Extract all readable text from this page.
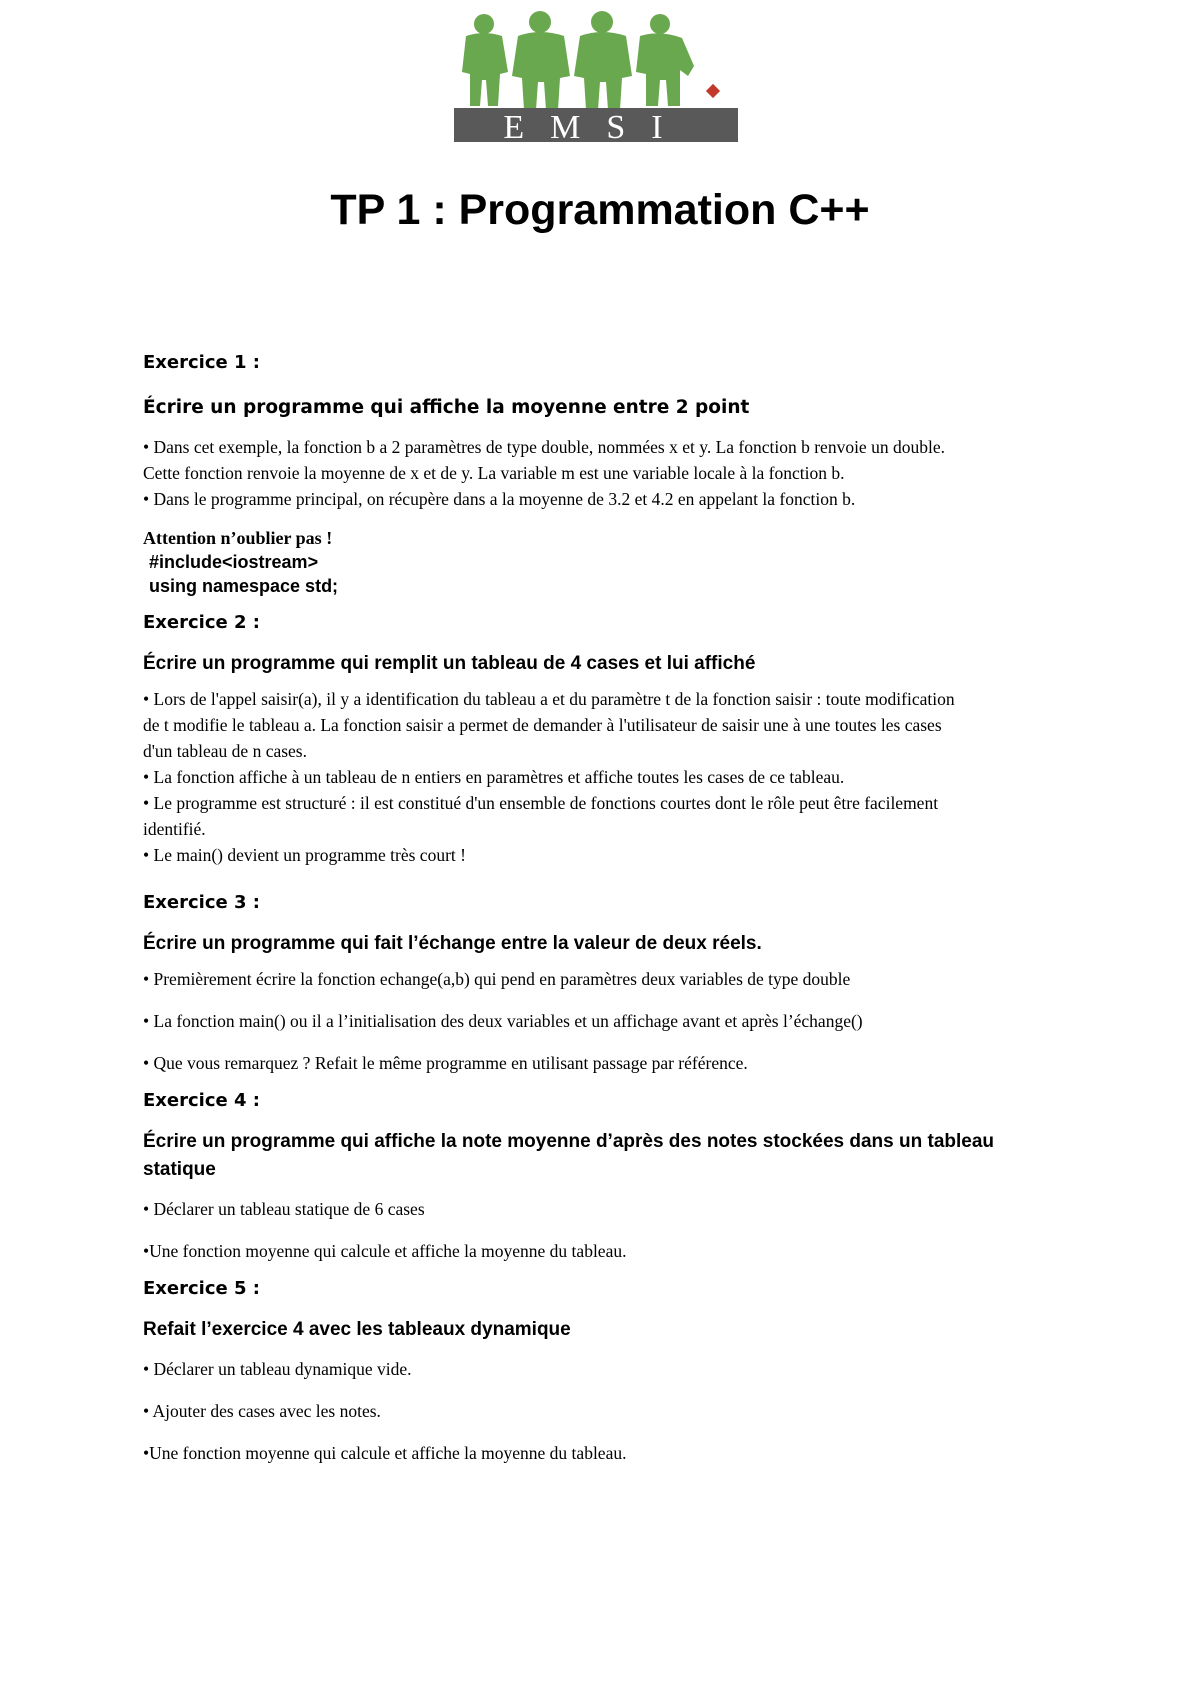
EMSI
TP 1 : Programmation C++

Exercice 1 :

Écrire un programme qui affiche la moyenne entre 2 point

• Dans cet exemple, la fonction b a 2 paramètres de type double, nommées x et y. La fonction b renvoie un double.

Cette fonction renvoie la moyenne de x et de y. La variable m est une variable locale à la fonction b.

• Dans le programme principal, on récupère dans a la moyenne de 3.2 et 4.2 en appelant la fonction b.

Attention n’oublier pas !

#include<iostream>

using namespace std;

Exercice 2 :

Écrire un programme qui remplit un tableau de 4 cases et lui affiché

• Lors de l'appel saisir(a), il y a identification du tableau a et du paramètre t de la fonction saisir : toute modification

de t modifie le tableau a. La fonction saisir a permet de demander à l'utilisateur de saisir une à une toutes les cases

d'un tableau de n cases.

• La fonction affiche à un tableau de n entiers en paramètres et affiche toutes les cases de ce tableau.

• Le programme est structuré : il est constitué d'un ensemble de fonctions courtes dont le rôle peut être facilement

identifié.

• Le main() devient un programme très court !

Exercice 3 :

Écrire un programme qui fait l’échange entre la valeur de deux réels.

• Premièrement écrire la fonction echange(a,b) qui pend en paramètres deux variables de type double

• La fonction main() ou il a l’initialisation des deux variables et un affichage avant et après l’échange()

• Que vous remarquez ? Refait le même programme en utilisant passage par référence.

Exercice 4 :

Écrire un programme qui affiche la note moyenne d’après des notes stockées dans un tableau

statique

• Déclarer un tableau statique de 6 cases

•Une fonction moyenne qui calcule et affiche la moyenne du tableau.

Exercice 5 :

Refait l’exercice 4 avec les tableaux dynamique

• Déclarer un tableau dynamique vide.

• Ajouter des cases avec les notes.

•Une fonction moyenne qui calcule et affiche la moyenne du tableau.
